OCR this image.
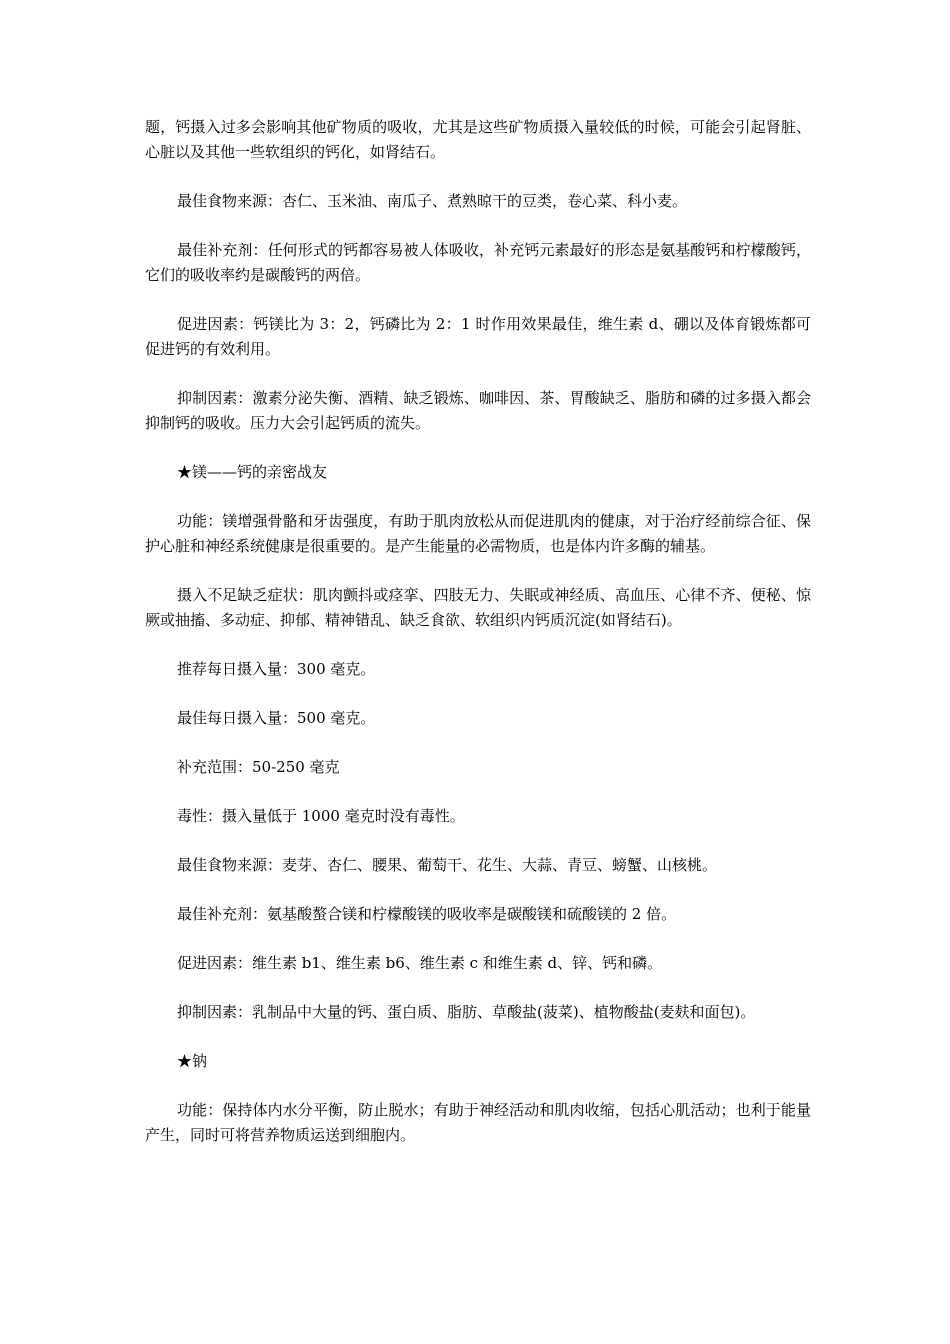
题，钙摄入过多会影响其他矿物质的吸收，尤其是这些矿物质摄入量较低的时候，可能会引起肾脏、心脏以及其他一些软组织的钙化，如肾结石。

最佳食物来源：杏仁、玉米油、南瓜子、煮熟晾干的豆类，卷心菜、科小麦。

最佳补充剂：任何形式的钙都容易被人体吸收，补充钙元素最好的形态是氨基酸钙和柠檬酸钙，它们的吸收率约是碳酸钙的两倍。

促进因素：钙镁比为 3：2，钙磷比为 2：1 时作用效果最佳，维生素 d、硼以及体育锻炼都可促进钙的有效利用。

抑制因素：激素分泌失衡、酒精、缺乏锻炼、咖啡因、茶、胃酸缺乏、脂肪和磷的过多摄入都会抑制钙的吸收。压力大会引起钙质的流失。

★镁——钙的亲密战友

功能：镁增强骨骼和牙齿强度，有助于肌肉放松从而促进肌肉的健康，对于治疗经前综合征、保护心脏和神经系统健康是很重要的。是产生能量的必需物质，也是体内许多酶的辅基。

摄入不足缺乏症状：肌肉颤抖或痉挛、四肢无力、失眠或神经质、高血压、心律不齐、便秘、惊厥或抽搐、多动症、抑郁、精神错乱、缺乏食欲、软组织内钙质沉淀(如肾结石)。

推荐每日摄入量：300 毫克。

最佳每日摄入量：500 毫克。

补充范围：50-250 毫克

毒性：摄入量低于 1000 毫克时没有毒性。

最佳食物来源：麦芽、杏仁、腰果、葡萄干、花生、大蒜、青豆、螃蟹、山核桃。

最佳补充剂：氨基酸螯合镁和柠檬酸镁的吸收率是碳酸镁和硫酸镁的 2 倍。

促进因素：维生素 b1、维生素 b6、维生素 c 和维生素 d、锌、钙和磷。

抑制因素：乳制品中大量的钙、蛋白质、脂肪、草酸盐(菠菜)、植物酸盐(麦麸和面包)。

★钠

功能：保持体内水分平衡，防止脱水；有助于神经活动和肌肉收缩，包括心肌活动；也利于能量产生，同时可将营养物质运送到细胞内。
